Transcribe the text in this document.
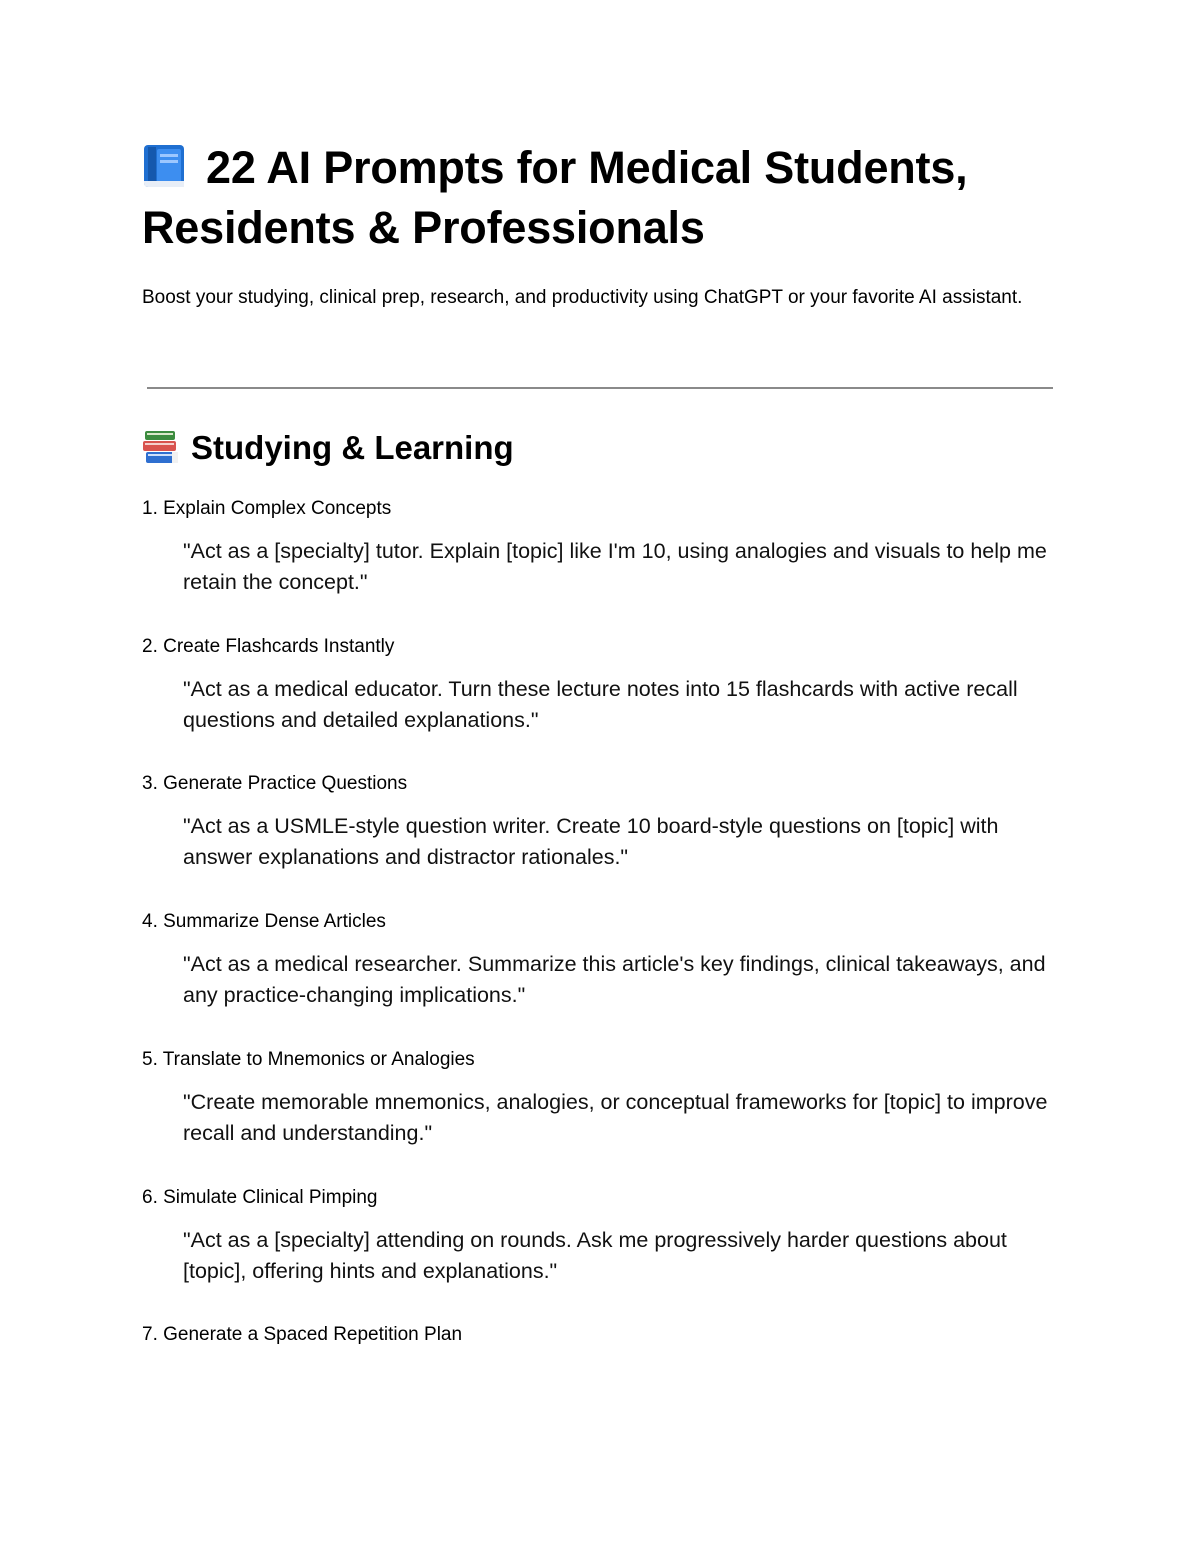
22 AI Prompts for Medical Students, Residents & Professionals

Boost your studying, clinical prep, research, and productivity using ChatGPT or your favorite AI assistant.

Studying & Learning
1. Explain Complex Concepts

"Act as a [specialty] tutor. Explain [topic] like I'm 10, using analogies and visuals to help me retain the concept."

2. Create Flashcards Instantly

"Act as a medical educator. Turn these lecture notes into 15 flashcards with active recall questions and detailed explanations."

3. Generate Practice Questions

"Act as a USMLE-style question writer. Create 10 board-style questions on [topic] with answer explanations and distractor rationales."

4. Summarize Dense Articles

"Act as a medical researcher. Summarize this article's key findings, clinical takeaways, and any practice-changing implications."

5. Translate to Mnemonics or Analogies

"Create memorable mnemonics, analogies, or conceptual frameworks for [topic] to improve recall and understanding."

6. Simulate Clinical Pimping

"Act as a [specialty] attending on rounds. Ask me progressively harder questions about [topic], offering hints and explanations."

7. Generate a Spaced Repetition Plan
